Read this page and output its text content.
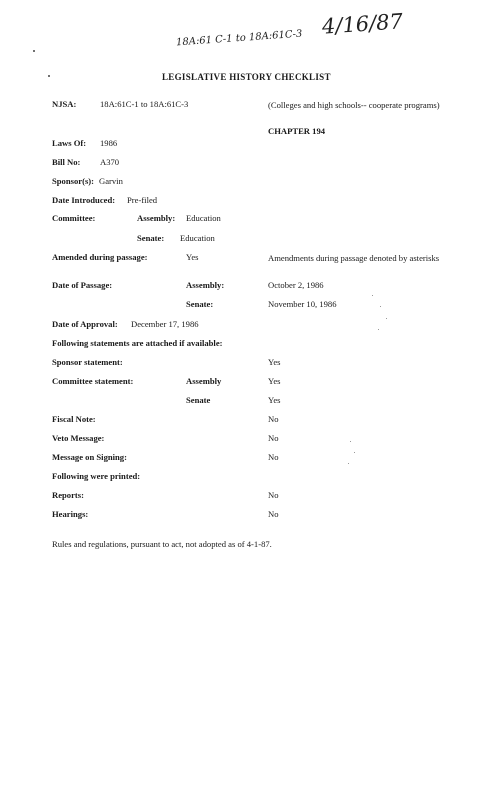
18A:61 C-1 to 18A:61C-3 4/16/87
LEGISLATIVE HISTORY CHECKLIST
NJSA:	18A:61C-1 to 18A:61C-3	(Colleges and high schools-- cooperate programs)
CHAPTER 194
Laws Of: 1986
Bill No: A370
Sponsor(s): Garvin
Date Introduced: Pre-filed
Committee:	Assembly: Education
Senate: Education
Amended during passage:	Yes	Amendments during passage denoted by asterisks
Date of Passage:	Assembly:	October 2, 1986
Senate:	November 10, 1986
Date of Approval: December 17, 1986
Following statements are attached if available:
Sponsor statement:	Yes
Committee statement:	Assembly	Yes
Senate	Yes
Fiscal Note:	No
Veto Message:	No
Message on Signing:	No
Following were printed:
Reports:	No
Hearings:	No
Rules and regulations, pursuant to act, not adopted as of 4-1-87.
